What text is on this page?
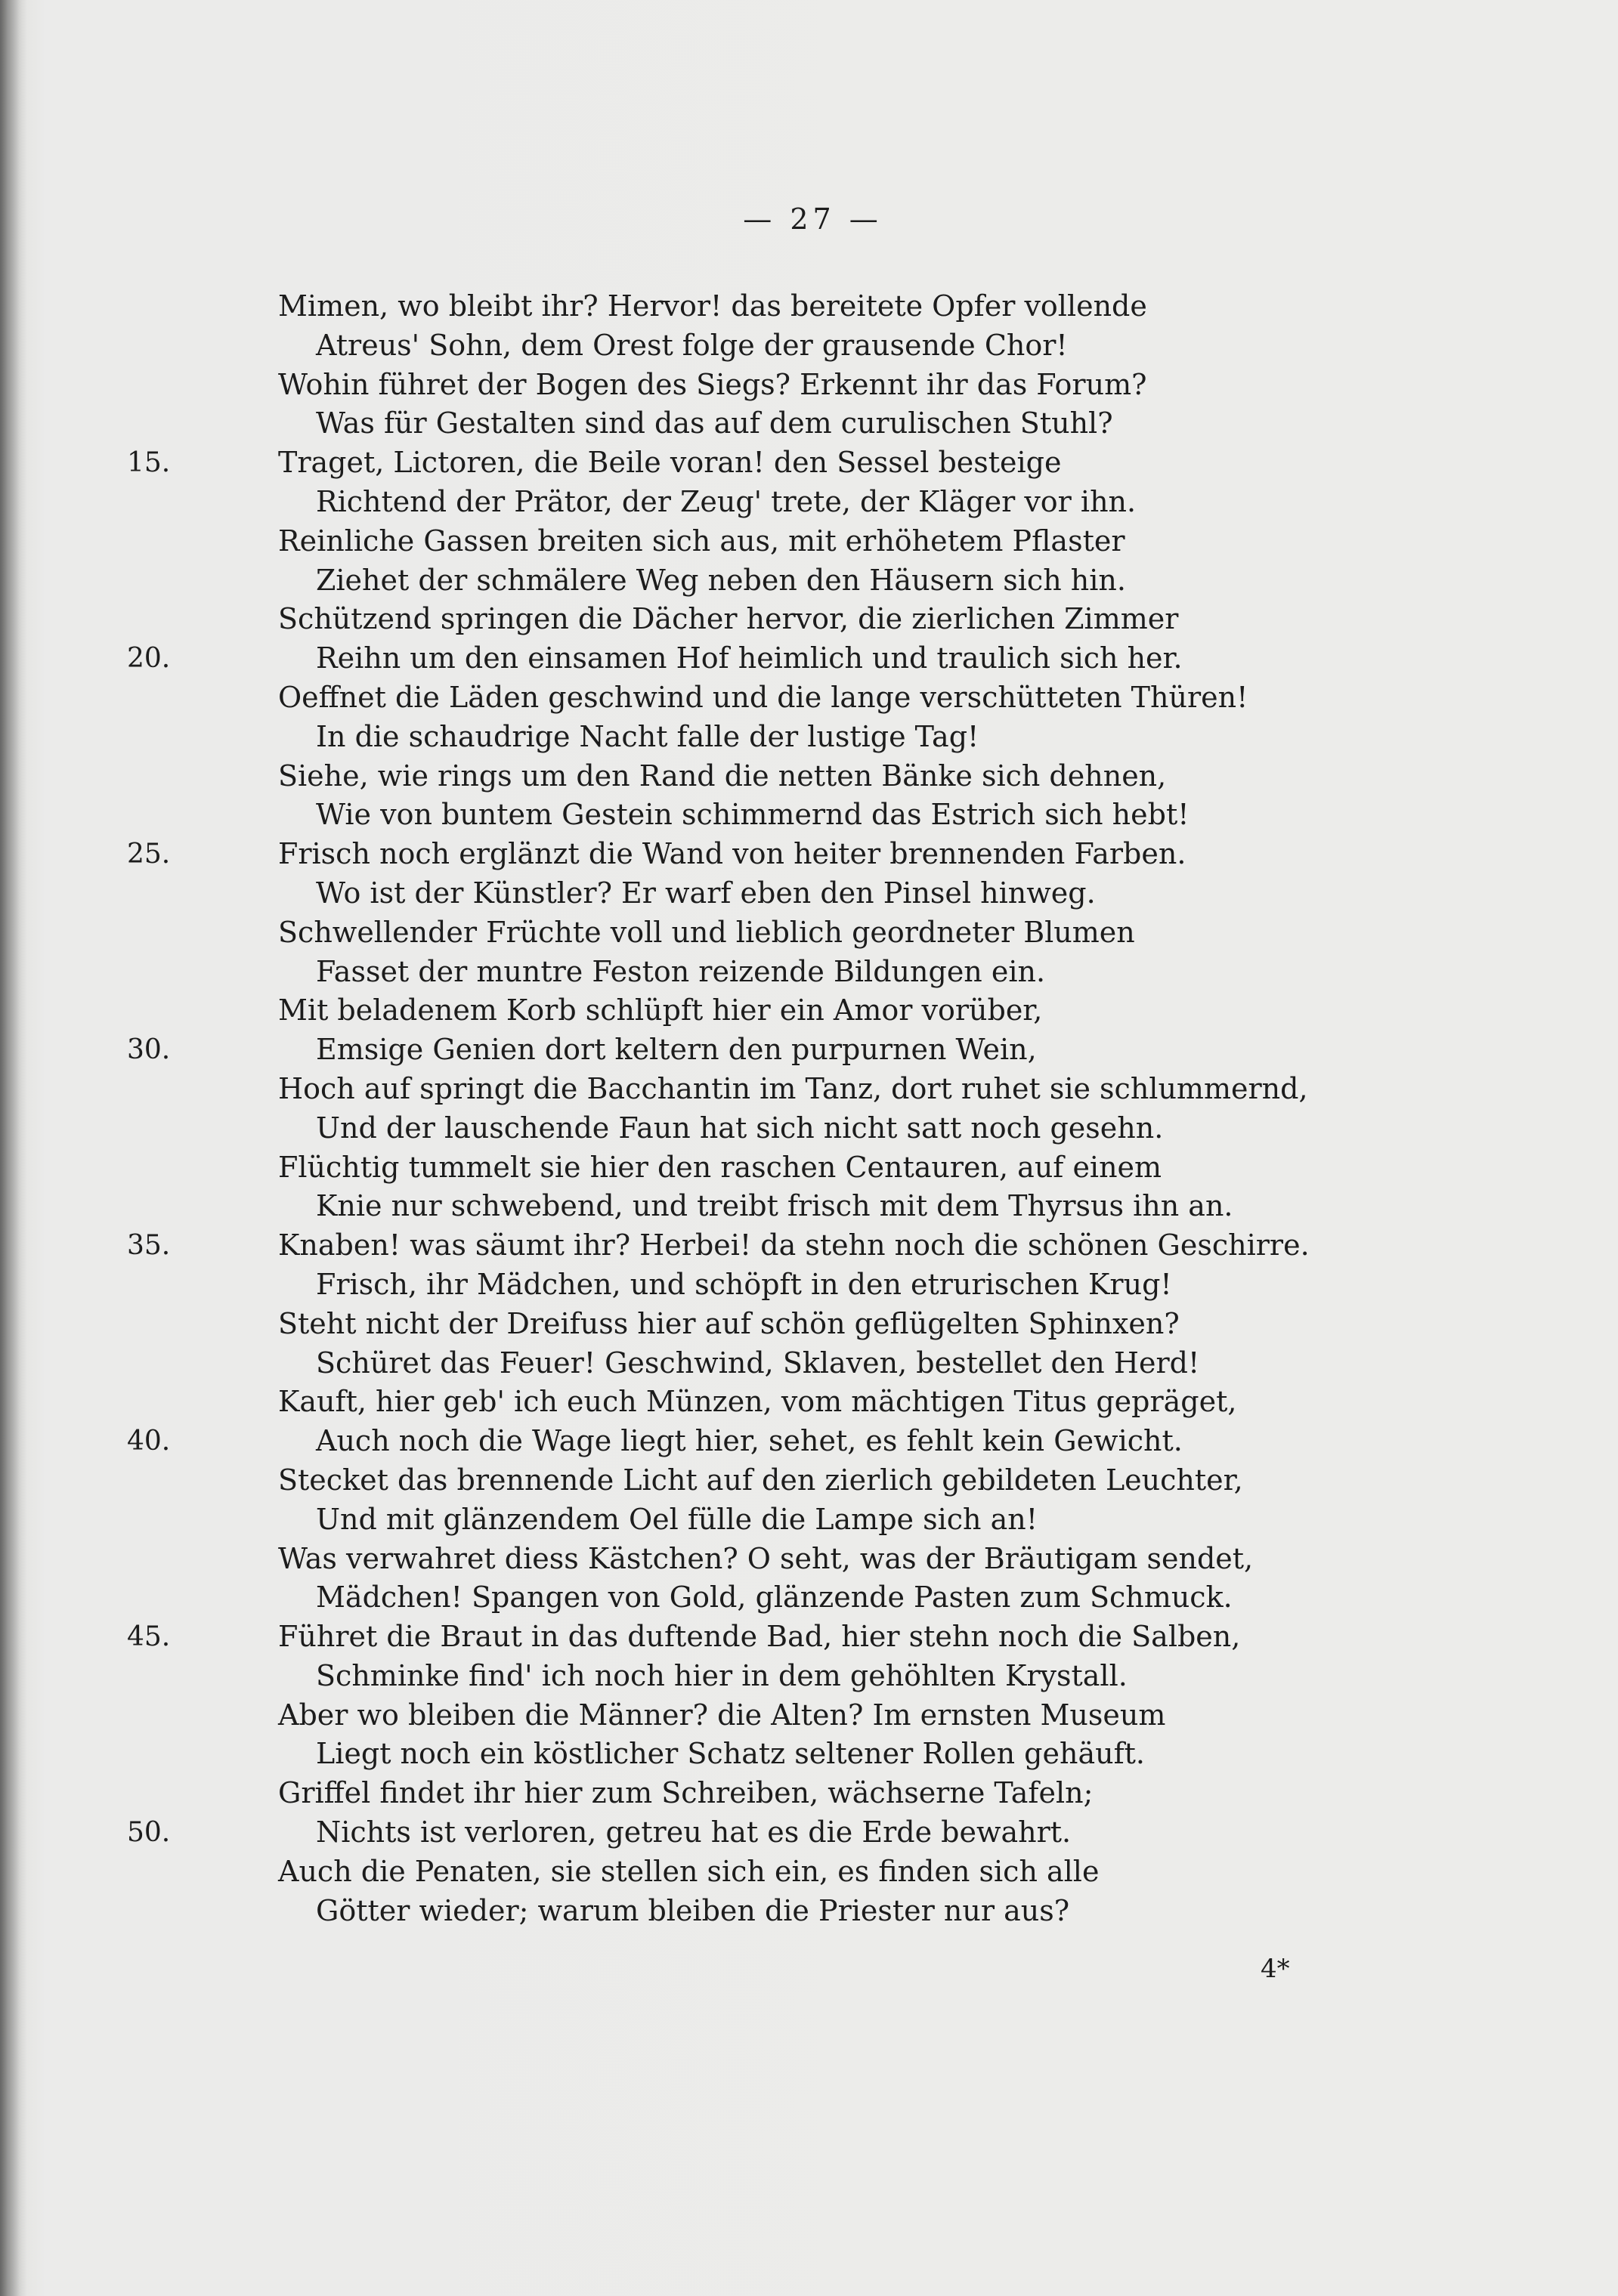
— 27 —
Mimen, wo bleibt ihr? Hervor! das bereitete Opfer vollende
Atreus' Sohn, dem Orest folge der grausende Chor!
Wohin führet der Bogen des Siegs? Erkennt ihr das Forum?
Was für Gestalten sind das auf dem curulischen Stuhl?
15.	Traget, Lictoren, die Beile voran! den Sessel besteige
Richtend der Prätor, der Zeug' trete, der Kläger vor ihn.
Reinliche Gassen breiten sich aus, mit erhöhetem Pflaster
Ziehet der schmälere Weg neben den Häusern sich hin.
Schützend springen die Dächer hervor, die zierlichen Zimmer
20.	Reihn um den einsamen Hof heimlich und traulich sich her.
Oeffnet die Läden geschwind und die lange verschütteten Thüren!
In die schaudrige Nacht falle der lustige Tag!
Siehe, wie rings um den Rand die netten Bänke sich dehnen,
Wie von buntem Gestein schimmernd das Estrich sich hebt!
25.	Frisch noch erglänzt die Wand von heiter brennenden Farben.
Wo ist der Künstler? Er warf eben den Pinsel hinweg.
Schwellender Früchte voll und lieblich geordneter Blumen
Fasset der muntre Feston reizende Bildungen ein.
Mit beladenem Korb schlüpft hier ein Amor vorüber,
30.	Emsige Genien dort keltern den purpurnen Wein,
Hoch auf springt die Bacchantin im Tanz, dort ruhet sie schlummernd,
Und der lauschende Faun hat sich nicht satt noch gesehn.
Flüchtig tummelt sie hier den raschen Centauren, auf einem
Knie nur schwebend, und treibt frisch mit dem Thyrsus ihn an.
35.	Knaben! was säumt ihr? Herbei! da stehn noch die schönen Geschirre.
Frisch, ihr Mädchen, und schöpft in den etrurischen Krug!
Steht nicht der Dreifuss hier auf schön geflügelten Sphinxen?
Schüret das Feuer! Geschwind, Sklaven, bestellet den Herd!
Kauft, hier geb' ich euch Münzen, vom mächtigen Titus gepräget,
40.	Auch noch die Wage liegt hier, sehet, es fehlt kein Gewicht.
Stecket das brennende Licht auf den zierlich gebildeten Leuchter,
Und mit glänzendem Oel fülle die Lampe sich an!
Was verwahret diess Kästchen? O seht, was der Bräutigam sendet,
Mädchen! Spangen von Gold, glänzende Pasten zum Schmuck.
45.	Führet die Braut in das duftende Bad, hier stehn noch die Salben,
Schminke find' ich noch hier in dem gehöhlten Krystall.
Aber wo bleiben die Männer? die Alten? Im ernsten Museum
Liegt noch ein köstlicher Schatz seltener Rollen gehäuft.
Griffel findet ihr hier zum Schreiben, wächserne Tafeln;
50.	Nichts ist verloren, getreu hat es die Erde bewahrt.
Auch die Penaten, sie stellen sich ein, es finden sich alle
Götter wieder; warum bleiben die Priester nur aus?
4*
